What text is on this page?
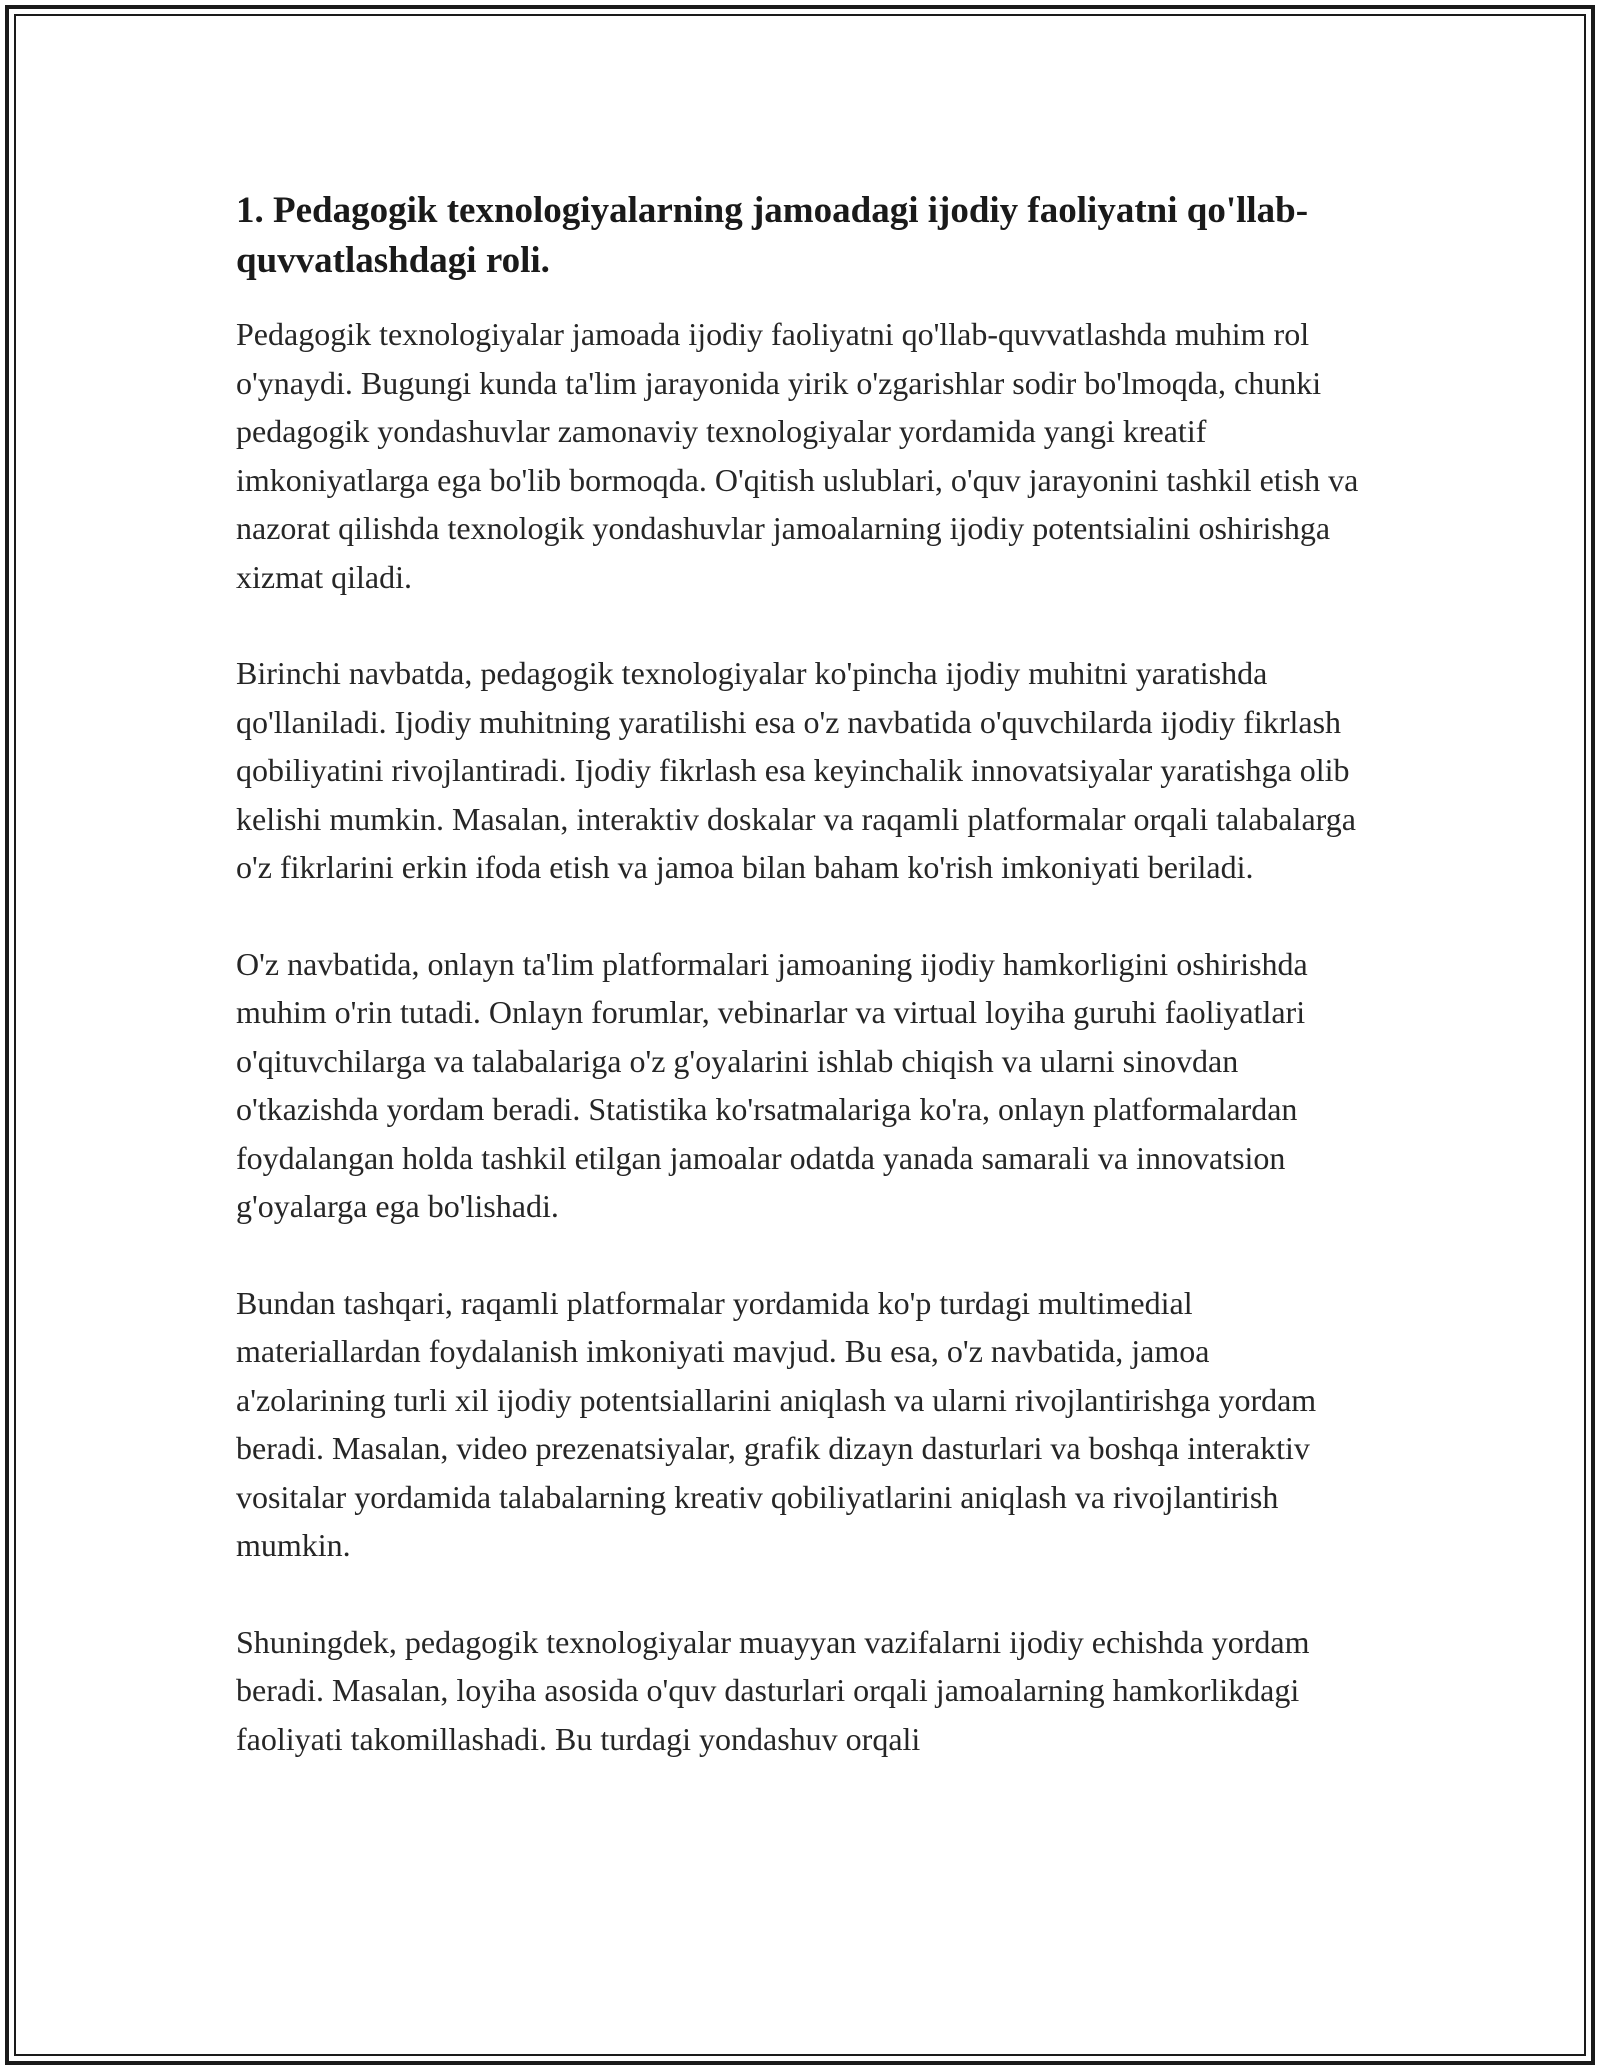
1. Pedagogik texnologiyalarning jamoadagi ijodiy faoliyatni qo'llab-quvvatlashdagi roli.

Pedagogik texnologiyalar jamoada ijodiy faoliyatni qo'llab-quvvatlashda muhim rol o'ynaydi. Bugungi kunda ta'lim jarayonida yirik o'zgarishlar sodir bo'lmoqda, chunki pedagogik yondashuvlar zamonaviy texnologiyalar yordamida yangi kreatif imkoniyatlarga ega bo'lib bormoqda. O'qitish uslublari, o'quv jarayonini tashkil etish va nazorat qilishda texnologik yondashuvlar jamoalarning ijodiy potentsialini oshirishga xizmat qiladi.

Birinchi navbatda, pedagogik texnologiyalar ko'pincha ijodiy muhitni yaratishda qo'llaniladi. Ijodiy muhitning yaratilishi esa o'z navbatida o'quvchilarda ijodiy fikrlash qobiliyatini rivojlantiradi. Ijodiy fikrlash esa keyinchalik innovatsiyalar yaratishga olib kelishi mumkin. Masalan, interaktiv doskalar va raqamli platformalar orqali talabalarga o'z fikrlarini erkin ifoda etish va jamoa bilan baham ko'rish imkoniyati beriladi.

O'z navbatida, onlayn ta'lim platformalari jamoaning ijodiy hamkorligini oshirishda muhim o'rin tutadi. Onlayn forumlar, vebinarlar va virtual loyiha guruhi faoliyatlari o'qituvchilarga va talabalariga o'z g'oyalarini ishlab chiqish va ularni sinovdan o'tkazishda yordam beradi. Statistika ko'rsatmalariga ko'ra, onlayn platformalardan foydalangan holda tashkil etilgan jamoalar odatda yanada samarali va innovatsion g'oyalarga ega bo'lishadi.

Bundan tashqari, raqamli platformalar yordamida ko'p turdagi multimedial materiallardan foydalanish imkoniyati mavjud. Bu esa, o'z navbatida, jamoa a'zolarining turli xil ijodiy potentsiallarini aniqlash va ularni rivojlantirishga yordam beradi. Masalan, video prezenatsiyalar, grafik dizayn dasturlari va boshqa interaktiv vositalar yordamida talabalarning kreativ qobiliyatlarini aniqlash va rivojlantirish mumkin.

Shuningdek, pedagogik texnologiyalar muayyan vazifalarni ijodiy echishda yordam beradi. Masalan, loyiha asosida o'quv dasturlari orqali jamoalarning hamkorlikdagi faoliyati takomillashadi. Bu turdagi yondashuv orqali
